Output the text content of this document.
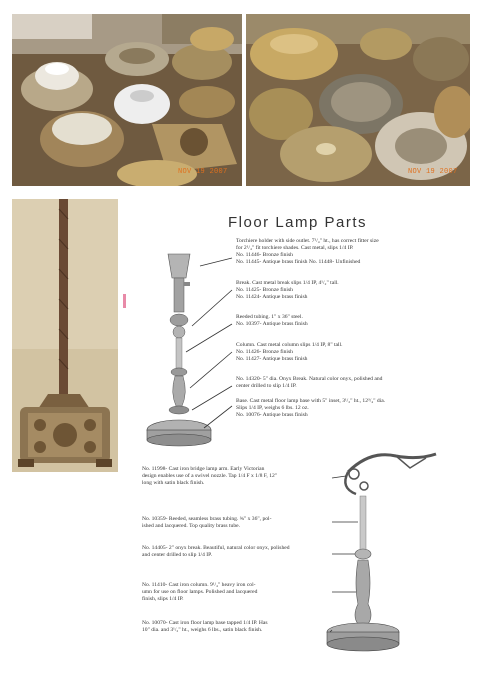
NOV 19 2007	NOV 19 2007
Floor Lamp Parts
Torchiere holder with side outlet. 7¹/₄" ht., has correct fitter size
for 2¹/₄" fit torchiere shades. Cast metal, slips 1/4 IP.
No. 11446- Bronze finish
No. 11445- Antique brass finish No. 11448- Unfinished
Break. Cast metal break slips 1/4 IP, 4¹/₂" tall.
No. 11425- Bronze finish
No. 11424- Antique brass finish
Reeded tubing. 1" x 36" steel.
No. 10397- Antique brass finish
Column. Cast metal column slips 1/4 IP, 8" tall.
No. 11426- Bronze finish
No. 11427- Antique brass finish
No. 14320- 5" dia. Onyx Break. Natural color onyx, polished and
center drilled to slip 1/4 IP.
Base. Cast metal floor lamp base with 5" inset, 3¹/₂" ht., 12³/₄" dia.
Slips 1/4 IP, weighs 6 lbs. 12 oz.
No. 10076- Antique brass finish
No. 11998- Cast iron bridge lamp arm. Early Victorian
design enables use of a swivel nozzle. Tap 1/4 F x 1/8 F, 12"
long with satin black finish.
No. 10359- Reeded, seamless brass tubing. ¾" x 36", pol-
ished and lacquered. Top quality brass tube.
No. 14405- 2" onyx break. Beautiful, natural color onyx, polished
and center drilled to slip 1/4 IP.
No. 11410- Cast iron column. 9¹/₄" heavy iron col-
umn for use on floor lamps. Polished and lacquered
finish, slips 1/4 IP.
No. 10070- Cast iron floor lamp base tapped 1/4 IP. Has
10" dia. and 3¹/₂" ht., weighs 6 lbs., satin black finish.
